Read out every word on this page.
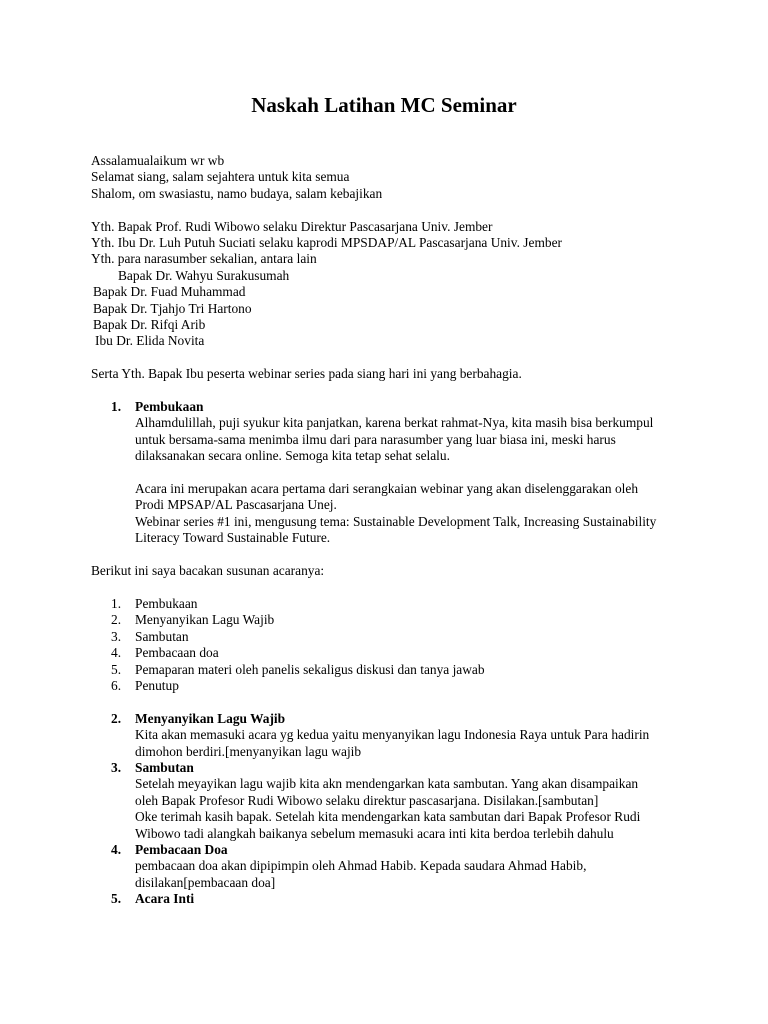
Naskah Latihan MC Seminar
Assalamualaikum wr wb
Selamat siang, salam sejahtera untuk kita semua
Shalom, om swasiastu, namo budaya, salam kebajikan
Yth. Bapak Prof. Rudi Wibowo selaku Direktur Pascasarjana Univ. Jember
Yth. Ibu Dr. Luh Putuh Suciati selaku kaprodi MPSDAP/AL Pascasarjana Univ. Jember
Yth. para narasumber sekalian, antara lain
Bapak Dr. Wahyu Surakusumah
Bapak Dr. Fuad Muhammad
Bapak Dr. Tjahjo Tri Hartono
Bapak Dr. Rifqi Arib
Ibu Dr. Elida Novita
Serta Yth. Bapak Ibu peserta webinar series pada siang hari ini yang berbahagia.
1. Pembukaan
Alhamdulillah, puji syukur kita panjatkan, karena berkat rahmat-Nya, kita masih bisa berkumpul
untuk bersama-sama menimba ilmu dari para narasumber yang luar biasa ini, meski harus
dilaksanakan secara online. Semoga kita tetap sehat selalu.
Acara ini merupakan acara pertama dari serangkaian webinar yang akan diselenggarakan oleh
Prodi MPSAP/AL Pascasarjana Unej.
Webinar series #1 ini, mengusung tema: Sustainable Development Talk, Increasing Sustainability
Literacy Toward Sustainable Future.
Berikut ini saya bacakan susunan acaranya:
1. Pembukaan
2. Menyanyikan Lagu Wajib
3. Sambutan
4. Pembacaan doa
5. Pemaparan materi oleh panelis sekaligus diskusi dan tanya jawab
6. Penutup
2. Menyanyikan Lagu Wajib
Kita akan memasuki acara yg kedua yaitu menyanyikan lagu Indonesia Raya untuk Para hadirin
dimohon berdiri.[menyanyikan lagu wajib
3. Sambutan
Setelah meyayikan lagu wajib kita akn mendengarkan kata sambutan. Yang akan disampaikan
oleh Bapak Profesor Rudi Wibowo selaku direktur pascasarjana. Disilakan.[sambutan]
Oke terimah kasih bapak. Setelah kita mendengarkan kata sambutan dari Bapak Profesor Rudi
Wibowo tadi alangkah baikanya sebelum memasuki acara inti kita berdoa terlebih dahulu
4. Pembacaan Doa
pembacaan doa akan dipipimpin oleh Ahmad Habib. Kepada saudara Ahmad Habib,
disilakan[pembacaan doa]
5. Acara Inti
